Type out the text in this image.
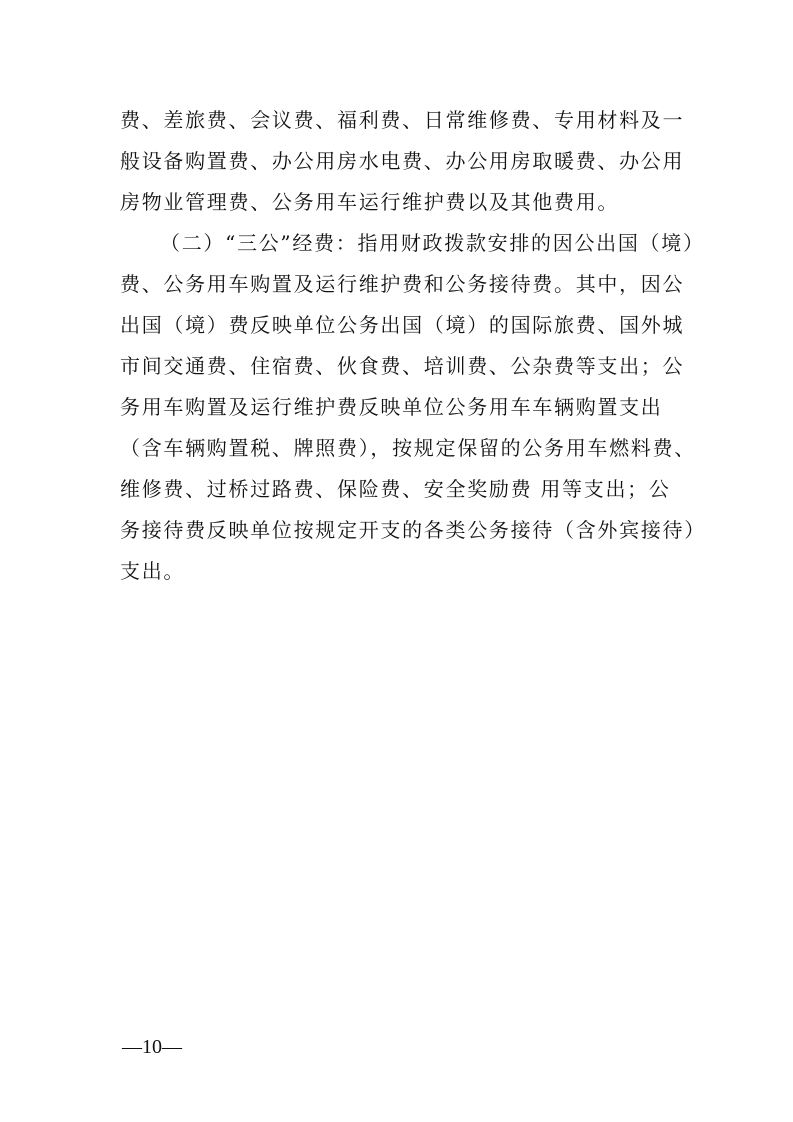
费、差旅费、会议费、福利费、日常维修费、专用材料及一
般设备购置费、办公用房水电费、办公用房取暖费、办公用
房物业管理费、公务用车运行维护费以及其他费用。
（二）“三公”经费：指用财政拨款安排的因公出国（境）
费、公务用车购置及运行维护费和公务接待费。其中，因公
出国（境）费反映单位公务出国（境）的国际旅费、国外城
市间交通费、住宿费、伙食费、培训费、公杂费等支出；公
务用车购置及运行维护费反映单位公务用车车辆购置支出
（含车辆购置税、牌照费），按规定保留的公务用车燃料费、
维修费、过桥过路费、保险费、安全奖励费 用等支出；公
务接待费反映单位按规定开支的各类公务接待（含外宾接待）
支出。
—10—
